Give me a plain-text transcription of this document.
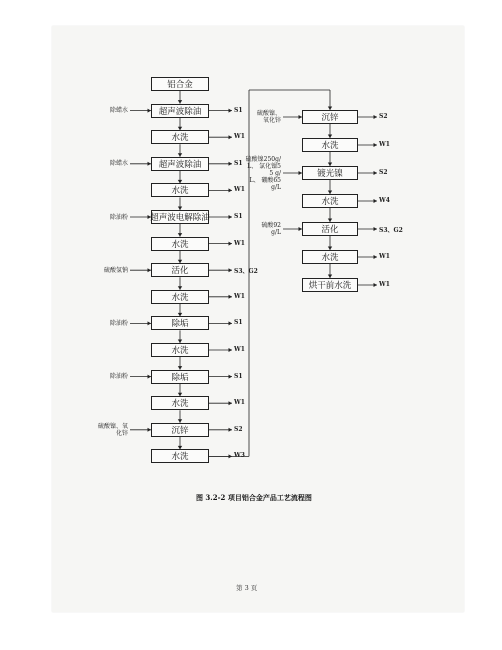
铝合金
超声波除油
除蜡水	S1
水洗	W1
超声波除油
除蜡水	S1
水洗	W1
超声波电解除油
除油粉	S1
水洗	W1
活化
硫酸氢钠	S3、G2
水洗	W1
除垢
除油粉	S1
水洗	W1
除垢
除油粉	S1
水洗	W1
沉锌
硫酸镍、氧
化锌
S2
水洗	W3
沉锌
硫酸镍、
氧化锌
S2
水洗	W1
镀光镍
硫酸镍250g/
L、 氯化镍5
5 g/
L、 硼酸65
g/L
S2
水洗	W4
活化
硫酸92
g/L	S3、G2
水洗	W1
烘干前水洗	W1
图 3.2-2 项目铝合金产品工艺流程图
第 3 页
